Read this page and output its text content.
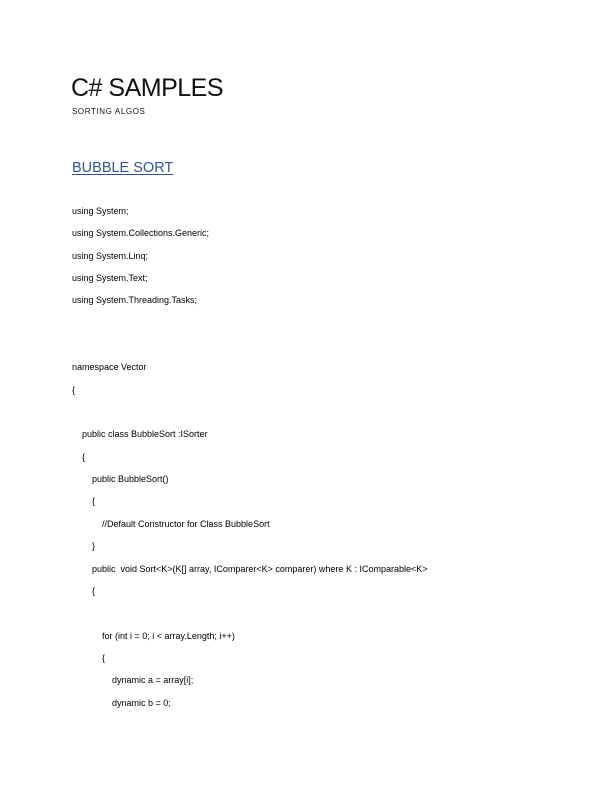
C# SAMPLES
SORTING ALGOS
BUBBLE SORT
using System;
using System.Collections.Generic;
using System.Linq;
using System.Text;
using System.Threading.Tasks;
namespace Vector
{
public class BubbleSort :ISorter
{
public BubbleSort()
{
//Default Constructor for Class BubbleSort
}
public  void Sort<K>(K[] array, IComparer<K> comparer) where K : IComparable<K>
{
for (int i = 0; i < array.Length; i++)
{
dynamic a = array[i];
dynamic b = 0;
